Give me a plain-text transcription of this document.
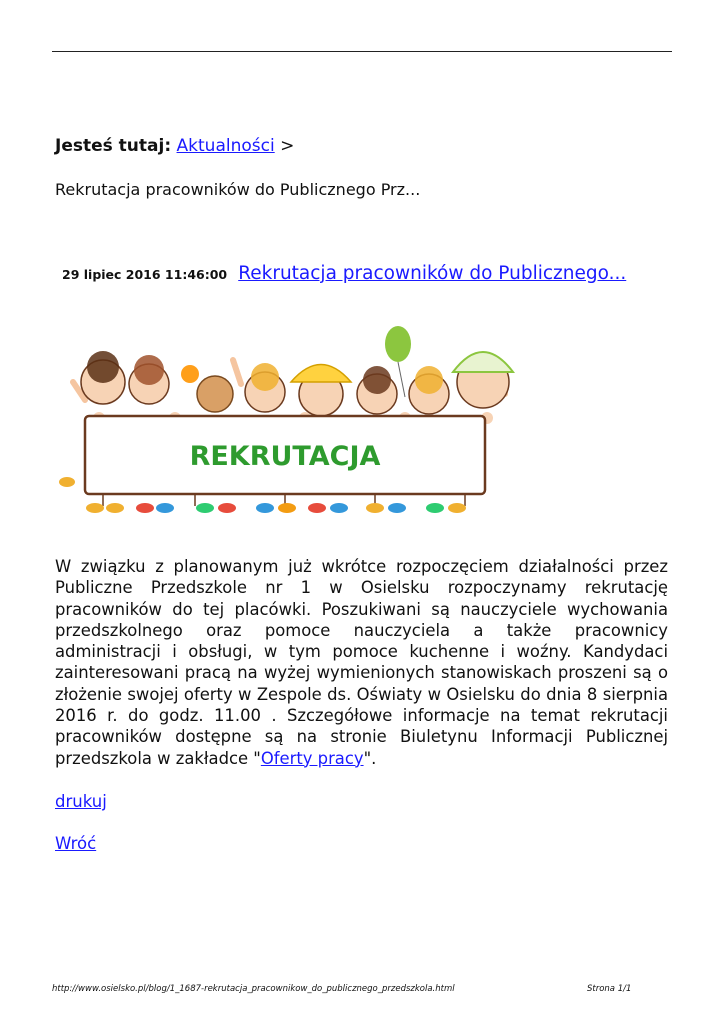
Jesteś tutaj: Aktualności >
Rekrutacja pracowników do Publicznego Prz...
29 lipiec 2016 11:46:00 Rekrutacja pracowników do Publicznego...
REKRUTACJA
W związku z planowanym już wkrótce rozpoczęciem działalności przez Publiczne Przedszkole nr 1 w Osielsku rozpoczynamy rekrutację pracowników do tej placówki. Poszukiwani są nauczyciele wychowania przedszkolnego oraz pomoce nauczyciela a także pracownicy administracji i obsługi, w tym pomoce kuchenne i woźny. Kandydaci zainteresowani pracą na wyżej wymienionych stanowiskach proszeni są o złożenie swojej oferty w Zespole ds. Oświaty w Osielsku do dnia 8 sierpnia 2016 r. do godz. 11.00 . Szczegółowe informacje na temat rekrutacji pracowników dostępne są na stronie Biuletynu Informacji Publicznej przedszkola w zakładce "Oferty pracy".
drukuj
Wróć
http://www.osielsko.pl/blog/1_1687-rekrutacja_pracownikow_do_publicznego_przedszkola.html	Strona 1/1
